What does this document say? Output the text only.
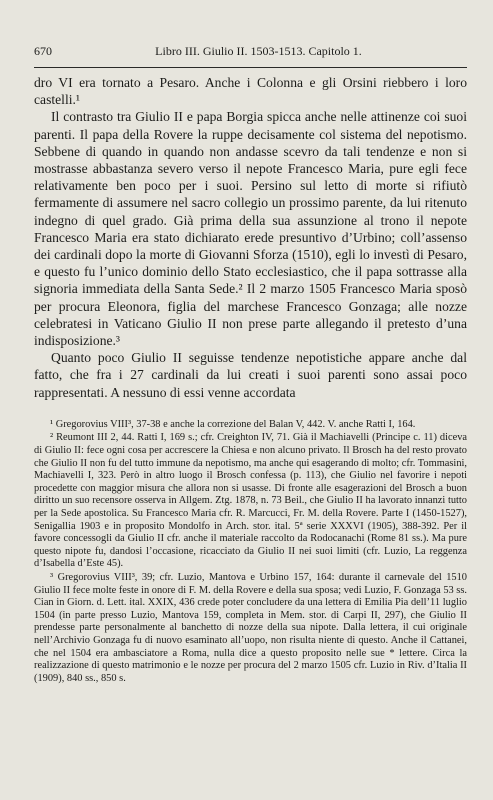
670	Libro III. Giulio II. 1503-1513. Capitolo 1.

dro VI era tornato a Pesaro. Anche i Colonna e gli Orsini riebbero i loro castelli.¹

Il contrasto tra Giulio II e papa Borgia spicca anche nelle attinenze coi suoi parenti. Il papa della Rovere la ruppe decisamente col sistema del nepotismo. Sebbene di quando in quando non andasse scevro da tali tendenze e non si mostrasse abbastanza severo verso il nepote Francesco Maria, pure egli fece relativamente ben poco per i suoi. Persino sul letto di morte si rifiutò fermamente di assumere nel sacro collegio un prossimo parente, da lui ritenuto indegno di quel grado. Già prima della sua assunzione al trono il nepote Francesco Maria era stato dichiarato erede presuntivo d’Urbino; coll’assenso dei cardinali dopo la morte di Giovanni Sforza (1510), egli lo investì di Pesaro, e questo fu l’unico dominio dello Stato ecclesiastico, che il papa sottrasse alla signoria immediata della Santa Sede.² Il 2 marzo 1505 Francesco Maria sposò per procura Eleonora, figlia del marchese Francesco Gonzaga; alle nozze celebratesi in Vaticano Giulio II non prese parte allegando il pretesto d’una indisposizione.³

Quanto poco Giulio II seguisse tendenze nepotistiche appare anche dal fatto, che fra i 27 cardinali da lui creati i suoi parenti sono assai poco rappresentati. A nessuno di essi venne accordata

¹ Gregorovius VIII³, 37-38 e anche la correzione del Balan V, 442. V. anche Ratti I, 164.

² Reumont III 2, 44. Ratti I, 169 s.; cfr. Creighton IV, 71. Già il Machiavelli (Principe c. 11) diceva di Giulio II: fece ogni cosa per accrescere la Chiesa e non alcuno privato. Il Brosch ha del resto provato che Giulio II non fu del tutto immune da nepotismo, ma anche qui esagerando di molto; cfr. Tommasini, Machiavelli I, 323. Però in altro luogo il Brosch confessa (p. 113), che Giulio nel favorire i nepoti procedette con maggior misura che allora non si usasse. Di fronte alle esagerazioni del Brosch a buon diritto un suo recensore osserva in Allgem. Ztg. 1878, n. 73 Beil., che Giulio II ha lavorato innanzi tutto per la Sede apostolica. Su Francesco Maria cfr. R. Marcucci, Fr. M. della Rovere. Parte I (1450-1527), Senigallia 1903 e in proposito Mondolfo in Arch. stor. ital. 5ª serie XXXVI (1905), 388-392. Per il favore concessogli da Giulio II cfr. anche il materiale raccolto da Rodocanachi (Rome 81 ss.). Ma pure questo nipote fu, dandosi l’occasione, ricacciato da Giulio II nei suoi limiti (cfr. Luzio, La reggenza d’Isabella d’Este 45).

³ Gregorovius VIII³, 39; cfr. Luzio, Mantova e Urbino 157, 164: durante il carnevale del 1510 Giulio II fece molte feste in onore di F. M. della Rovere e della sua sposa; vedi Luzio, F. Gonzaga 53 ss. Cian in Giorn. d. Lett. ital. XXIX, 436 crede poter concludere da una lettera di Emilia Pia dell’11 luglio 1504 (in parte presso Luzio, Mantova 159, completa in Mem. stor. di Carpi II, 297), che Giulio II prendesse parte personalmente al banchetto di nozze della sua nipote. Dalla lettera, il cui originale nell’Archivio Gonzaga fu di nuovo esaminato all’uopo, non risulta niente di questo. Anche il Cattanei, che nel 1504 era ambasciatore a Roma, nulla dice a questo proposito nelle sue * lettere. Circa la realizzazione di questo matrimonio e le nozze per procura del 2 marzo 1505 cfr. Luzio in Riv. d’Italia II (1909), 840 ss., 850 s.
